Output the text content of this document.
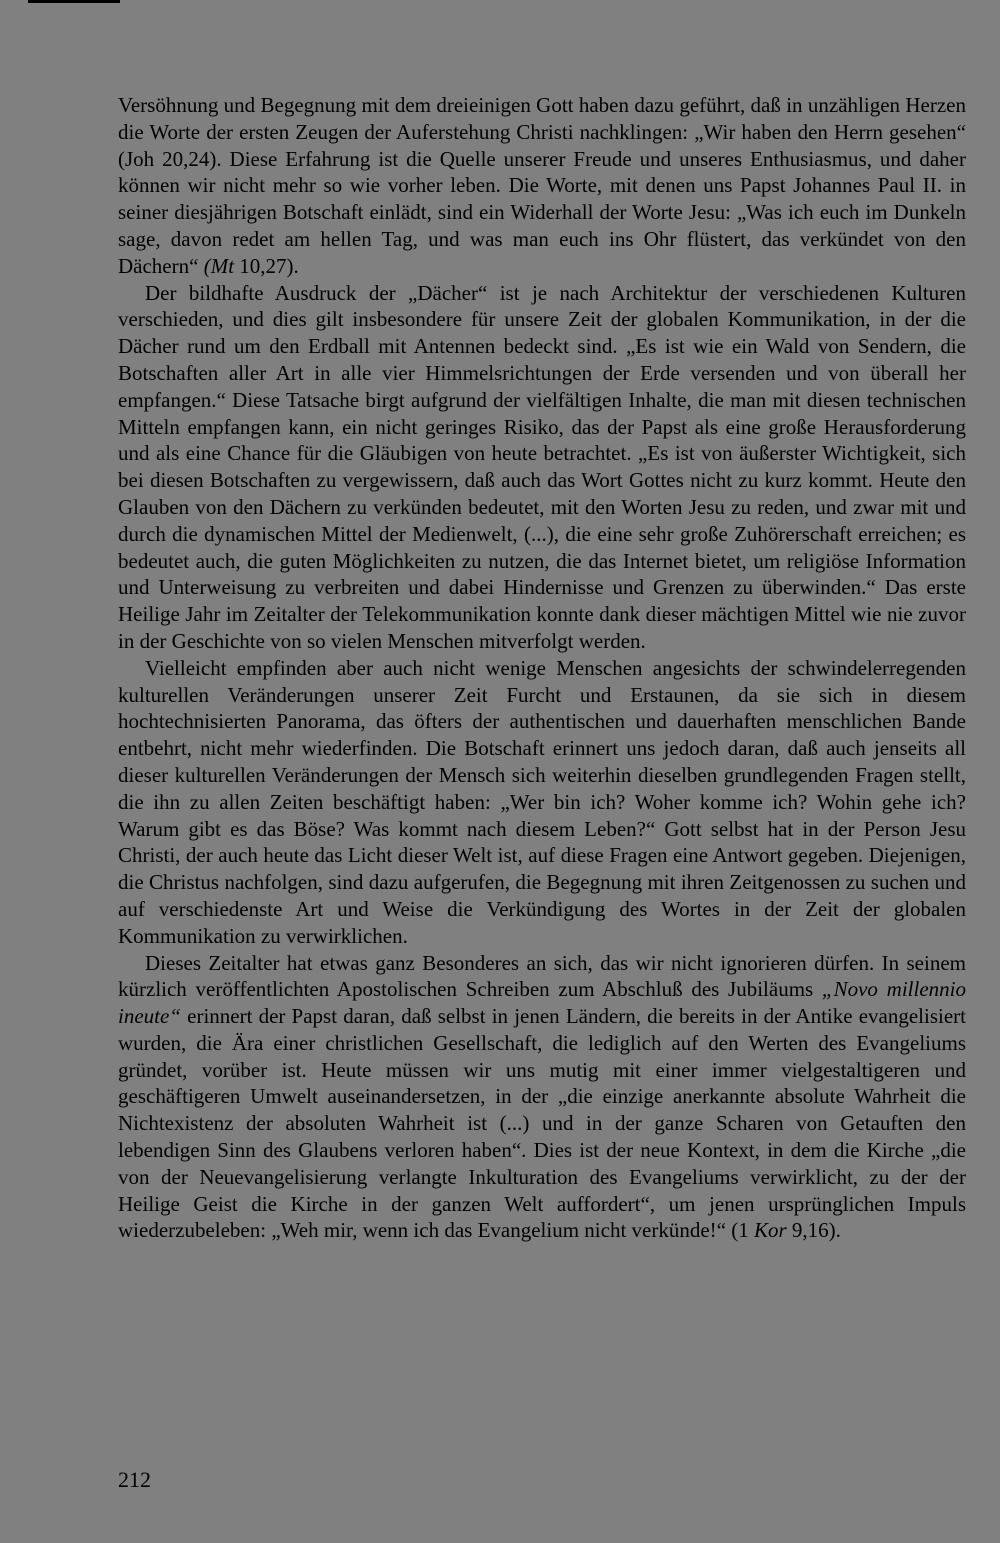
Versöhnung und Begegnung mit dem dreieinigen Gott haben dazu geführt, daß in unzähligen Herzen die Worte der ersten Zeugen der Auferstehung Christi nachklingen: „Wir haben den Herrn gesehen“ (Joh 20,24). Diese Erfahrung ist die Quelle unserer Freude und unseres Enthusiasmus, und daher können wir nicht mehr so wie vorher leben. Die Worte, mit denen uns Papst Johannes Paul II. in seiner diesjährigen Botschaft einlädt, sind ein Widerhall der Worte Jesu: „Was ich euch im Dunkeln sage, davon redet am hellen Tag, und was man euch ins Ohr flüstert, das verkündet von den Dächern“ (Mt 10,27).

Der bildhafte Ausdruck der „Dächer“ ist je nach Architektur der verschiedenen Kulturen verschieden, und dies gilt insbesondere für unsere Zeit der globalen Kommunikation, in der die Dächer rund um den Erdball mit Antennen bedeckt sind. „Es ist wie ein Wald von Sendern, die Botschaften aller Art in alle vier Himmelsrichtungen der Erde versenden und von überall her empfangen.“ Diese Tatsache birgt aufgrund der vielfältigen Inhalte, die man mit diesen technischen Mitteln empfangen kann, ein nicht geringes Risiko, das der Papst als eine große Herausforderung und als eine Chance für die Gläubigen von heute betrachtet. „Es ist von äußerster Wichtigkeit, sich bei diesen Botschaften zu vergewissern, daß auch das Wort Gottes nicht zu kurz kommt. Heute den Glauben von den Dächern zu verkünden bedeutet, mit den Worten Jesu zu reden, und zwar mit und durch die dynamischen Mittel der Medienwelt, (...), die eine sehr große Zuhörerschaft erreichen; es bedeutet auch, die guten Möglichkeiten zu nutzen, die das Internet bietet, um religiöse Information und Unterweisung zu verbreiten und dabei Hindernisse und Grenzen zu überwinden.“ Das erste Heilige Jahr im Zeitalter der Telekommunikation konnte dank dieser mächtigen Mittel wie nie zuvor in der Geschichte von so vielen Menschen mitverfolgt werden.

Vielleicht empfinden aber auch nicht wenige Menschen angesichts der schwindelerregenden kulturellen Veränderungen unserer Zeit Furcht und Erstaunen, da sie sich in diesem hochtechnisierten Panorama, das öfters der authentischen und dauerhaften menschlichen Bande entbehrt, nicht mehr wiederfinden. Die Botschaft erinnert uns jedoch daran, daß auch jenseits all dieser kulturellen Veränderungen der Mensch sich weiterhin dieselben grundlegenden Fragen stellt, die ihn zu allen Zeiten beschäftigt haben: „Wer bin ich? Woher komme ich? Wohin gehe ich? Warum gibt es das Böse? Was kommt nach diesem Leben?“ Gott selbst hat in der Person Jesu Christi, der auch heute das Licht dieser Welt ist, auf diese Fragen eine Antwort gegeben. Diejenigen, die Christus nachfolgen, sind dazu aufgerufen, die Begegnung mit ihren Zeitgenossen zu suchen und auf verschiedenste Art und Weise die Verkündigung des Wortes in der Zeit der globalen Kommunikation zu verwirklichen.

Dieses Zeitalter hat etwas ganz Besonderes an sich, das wir nicht ignorieren dürfen. In seinem kürzlich veröffentlichten Apostolischen Schreiben zum Abschluß des Jubiläums „Novo millennio ineute“ erinnert der Papst daran, daß selbst in jenen Ländern, die bereits in der Antike evangelisiert wurden, die Ära einer christlichen Gesellschaft, die lediglich auf den Werten des Evangeliums gründet, vorüber ist. Heute müssen wir uns mutig mit einer immer vielgestaltigeren und geschäftigeren Umwelt auseinandersetzen, in der „die einzige anerkannte absolute Wahrheit die Nichtexistenz der absoluten Wahrheit ist (...) und in der ganze Scharen von Getauften den lebendigen Sinn des Glaubens verloren haben“. Dies ist der neue Kontext, in dem die Kirche „die von der Neuevangelisierung verlangte Inkulturation des Evangeliums verwirklicht, zu der der Heilige Geist die Kirche in der ganzen Welt auffordert“, um jenen ursprünglichen Impuls wiederzubeleben: „Weh mir, wenn ich das Evangelium nicht verkünde!“ (1 Kor 9,16).

212
